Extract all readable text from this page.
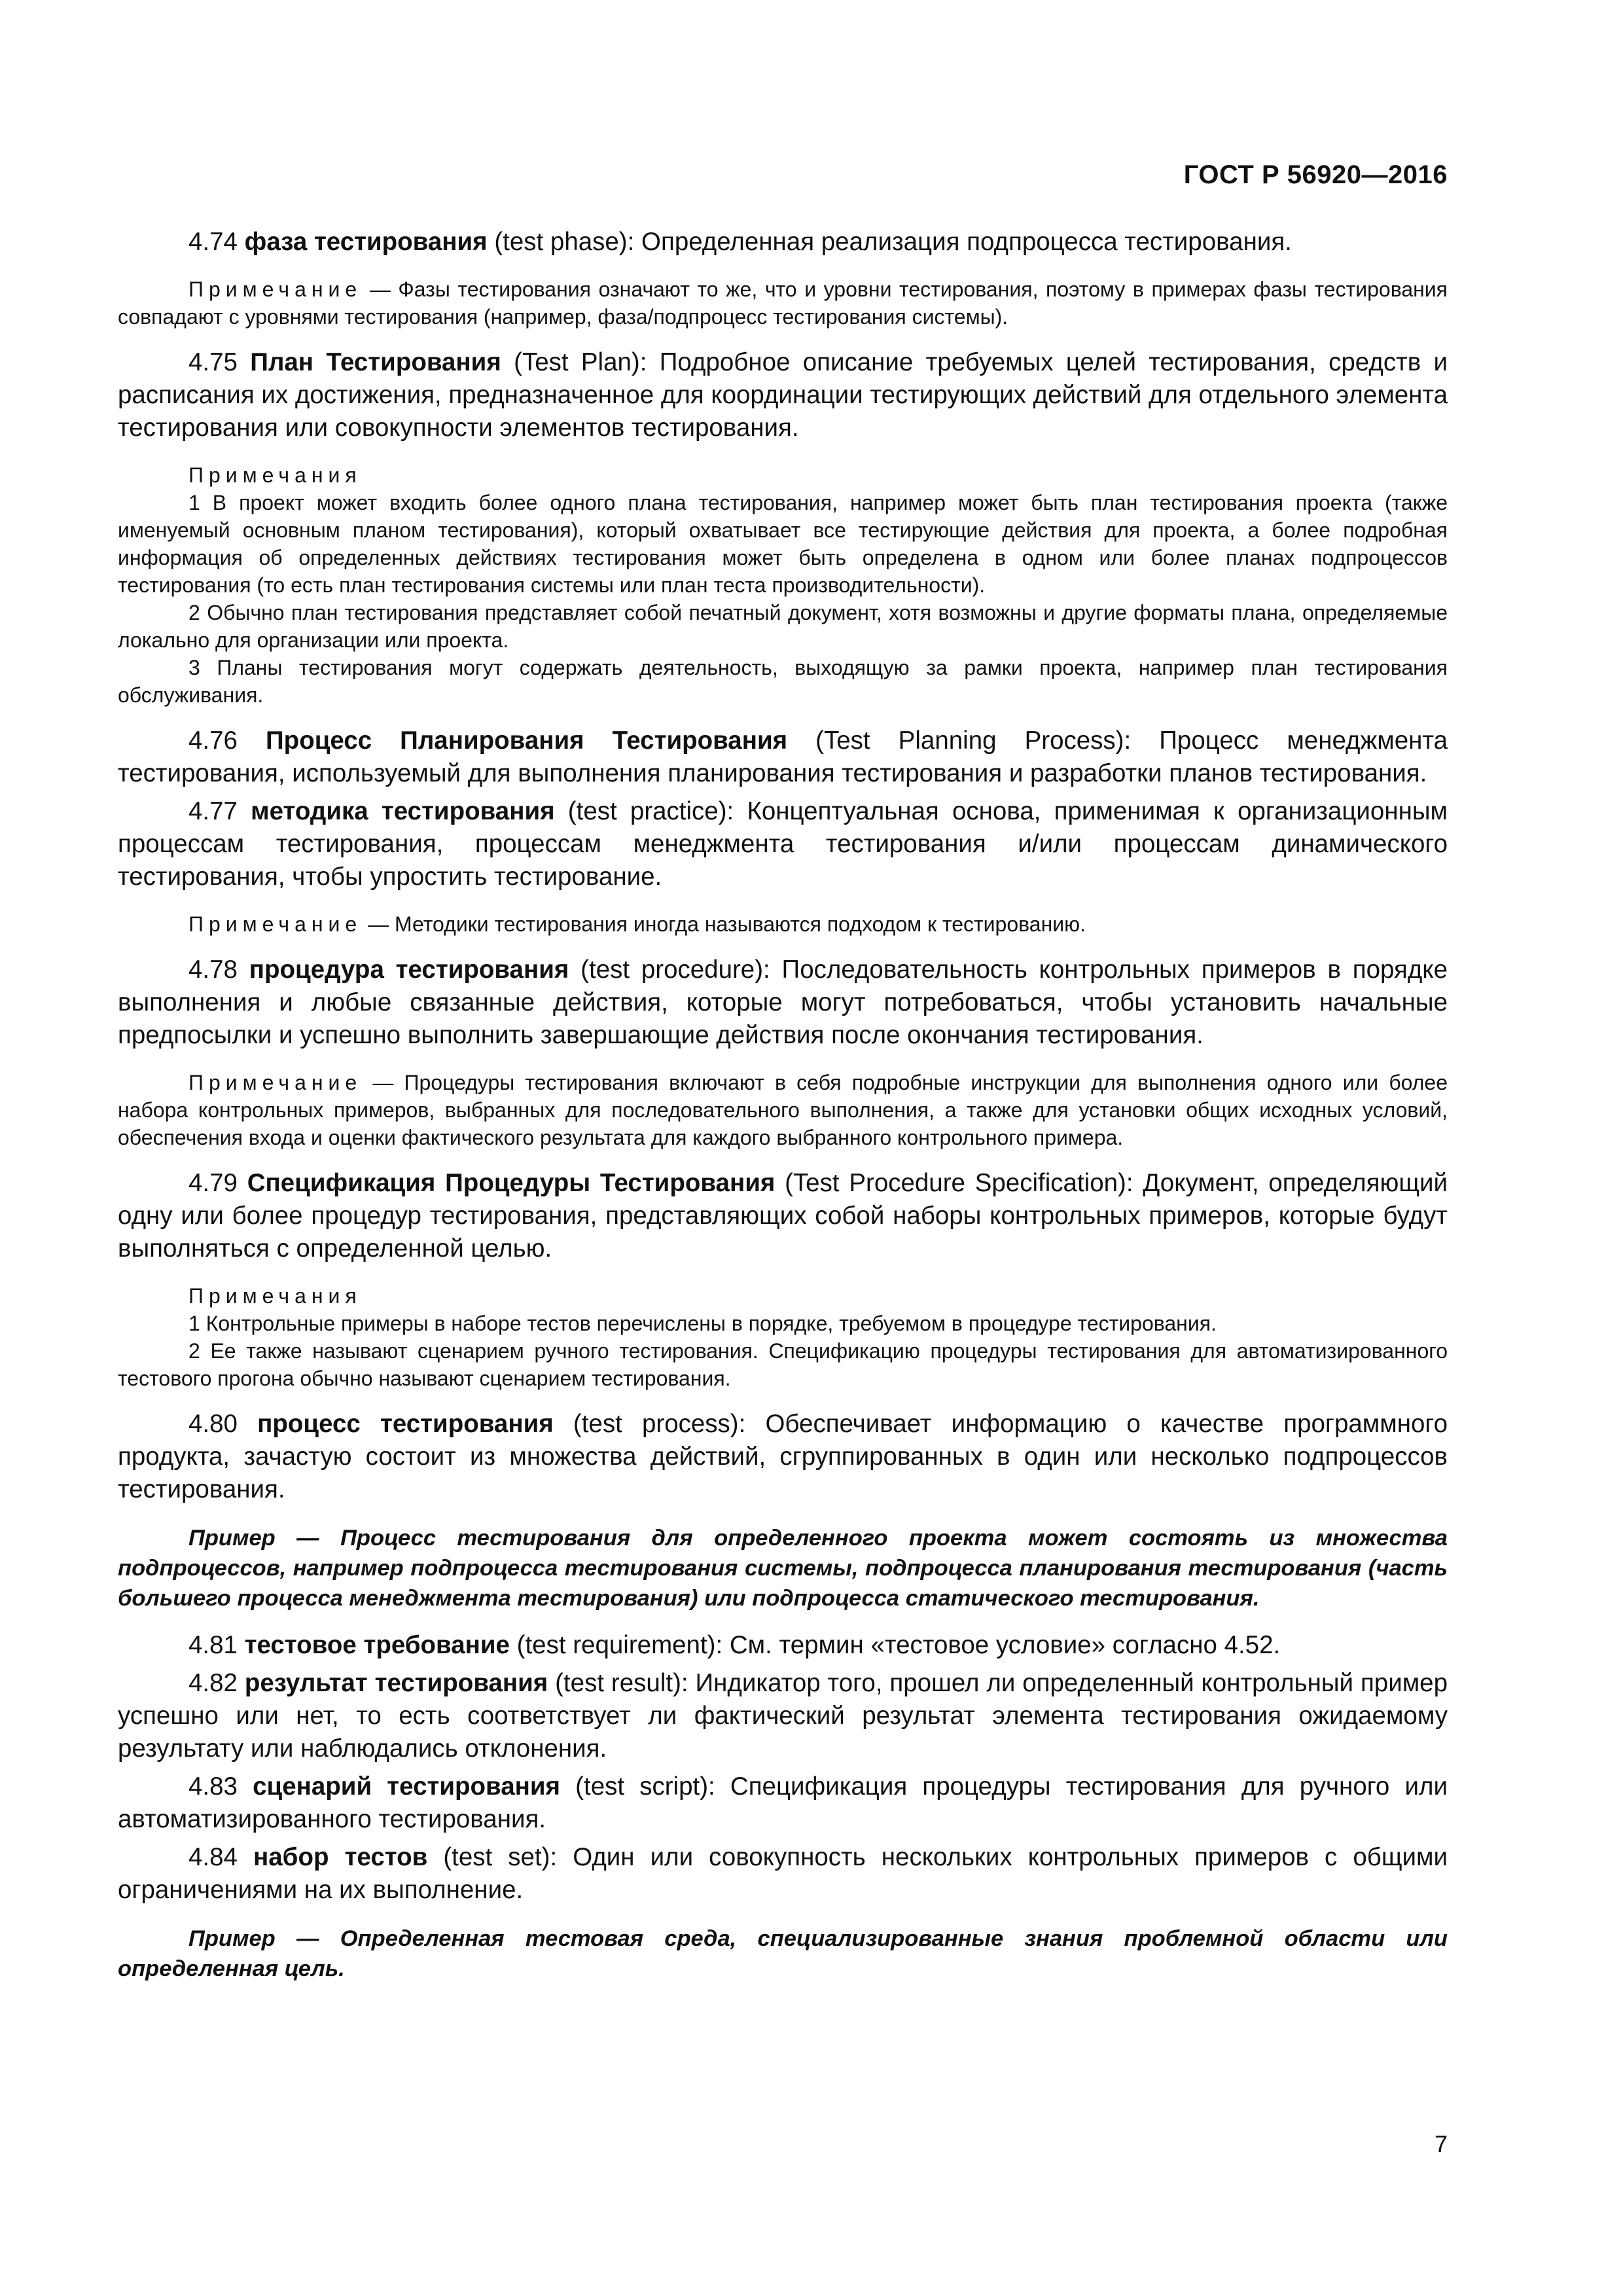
ГОСТ Р 56920—2016

4.74 фаза тестирования (test phase): Определенная реализация подпроцесса тестирования.

Примечание — Фазы тестирования означают то же, что и уровни тестирования, поэтому в примерах фазы тестирования совпадают с уровнями тестирования (например, фаза/подпроцесс тестирования системы).

4.75 План Тестирования (Test Plan): Подробное описание требуемых целей тестирования, средств и расписания их достижения, предназначенное для координации тестирующих действий для отдельного элемента тестирования или совокупности элементов тестирования.

Примечания

1 В проект может входить более одного плана тестирования, например может быть план тестирования проекта (также именуемый основным планом тестирования), который охватывает все тестирующие действия для проекта, а более подробная информация об определенных действиях тестирования может быть определена в одном или более планах подпроцессов тестирования (то есть план тестирования системы или план теста производительности).

2 Обычно план тестирования представляет собой печатный документ, хотя возможны и другие форматы плана, определяемые локально для организации или проекта.

3 Планы тестирования могут содержать деятельность, выходящую за рамки проекта, например план тестирования обслуживания.

4.76 Процесс Планирования Тестирования (Test Planning Process): Процесс менеджмента тестирования, используемый для выполнения планирования тестирования и разработки планов тестирования.

4.77 методика тестирования (test practice): Концептуальная основа, применимая к организационным процессам тестирования, процессам менеджмента тестирования и/или процессам динамического тестирования, чтобы упростить тестирование.

Примечание — Методики тестирования иногда называются подходом к тестированию.

4.78 процедура тестирования (test procedure): Последовательность контрольных примеров в порядке выполнения и любые связанные действия, которые могут потребоваться, чтобы установить начальные предпосылки и успешно выполнить завершающие действия после окончания тестирования.

Примечание — Процедуры тестирования включают в себя подробные инструкции для выполнения одного или более набора контрольных примеров, выбранных для последовательного выполнения, а также для установки общих исходных условий, обеспечения входа и оценки фактического результата для каждого выбранного контрольного примера.

4.79 Спецификация Процедуры Тестирования (Test Procedure Specification): Документ, определяющий одну или более процедур тестирования, представляющих собой наборы контрольных примеров, которые будут выполняться с определенной целью.

Примечания

1 Контрольные примеры в наборе тестов перечислены в порядке, требуемом в процедуре тестирования.

2 Ее также называют сценарием ручного тестирования. Спецификацию процедуры тестирования для автоматизированного тестового прогона обычно называют сценарием тестирования.

4.80 процесс тестирования (test process): Обеспечивает информацию о качестве программного продукта, зачастую состоит из множества действий, сгруппированных в один или несколько подпроцессов тестирования.

Пример — Процесс тестирования для определенного проекта может состоять из множества подпроцессов, например подпроцесса тестирования системы, подпроцесса планирования тестирования (часть большего процесса менеджмента тестирования) или подпроцесса статического тестирования.

4.81 тестовое требование (test requirement): См. термин «тестовое условие» согласно 4.52.

4.82 результат тестирования (test result): Индикатор того, прошел ли определенный контрольный пример успешно или нет, то есть соответствует ли фактический результат элемента тестирования ожидаемому результату или наблюдались отклонения.

4.83 сценарий тестирования (test script): Спецификация процедуры тестирования для ручного или автоматизированного тестирования.

4.84 набор тестов (test set): Один или совокупность нескольких контрольных примеров с общими ограничениями на их выполнение.

Пример — Определенная тестовая среда, специализированные знания проблемной области или определенная цель.

7
